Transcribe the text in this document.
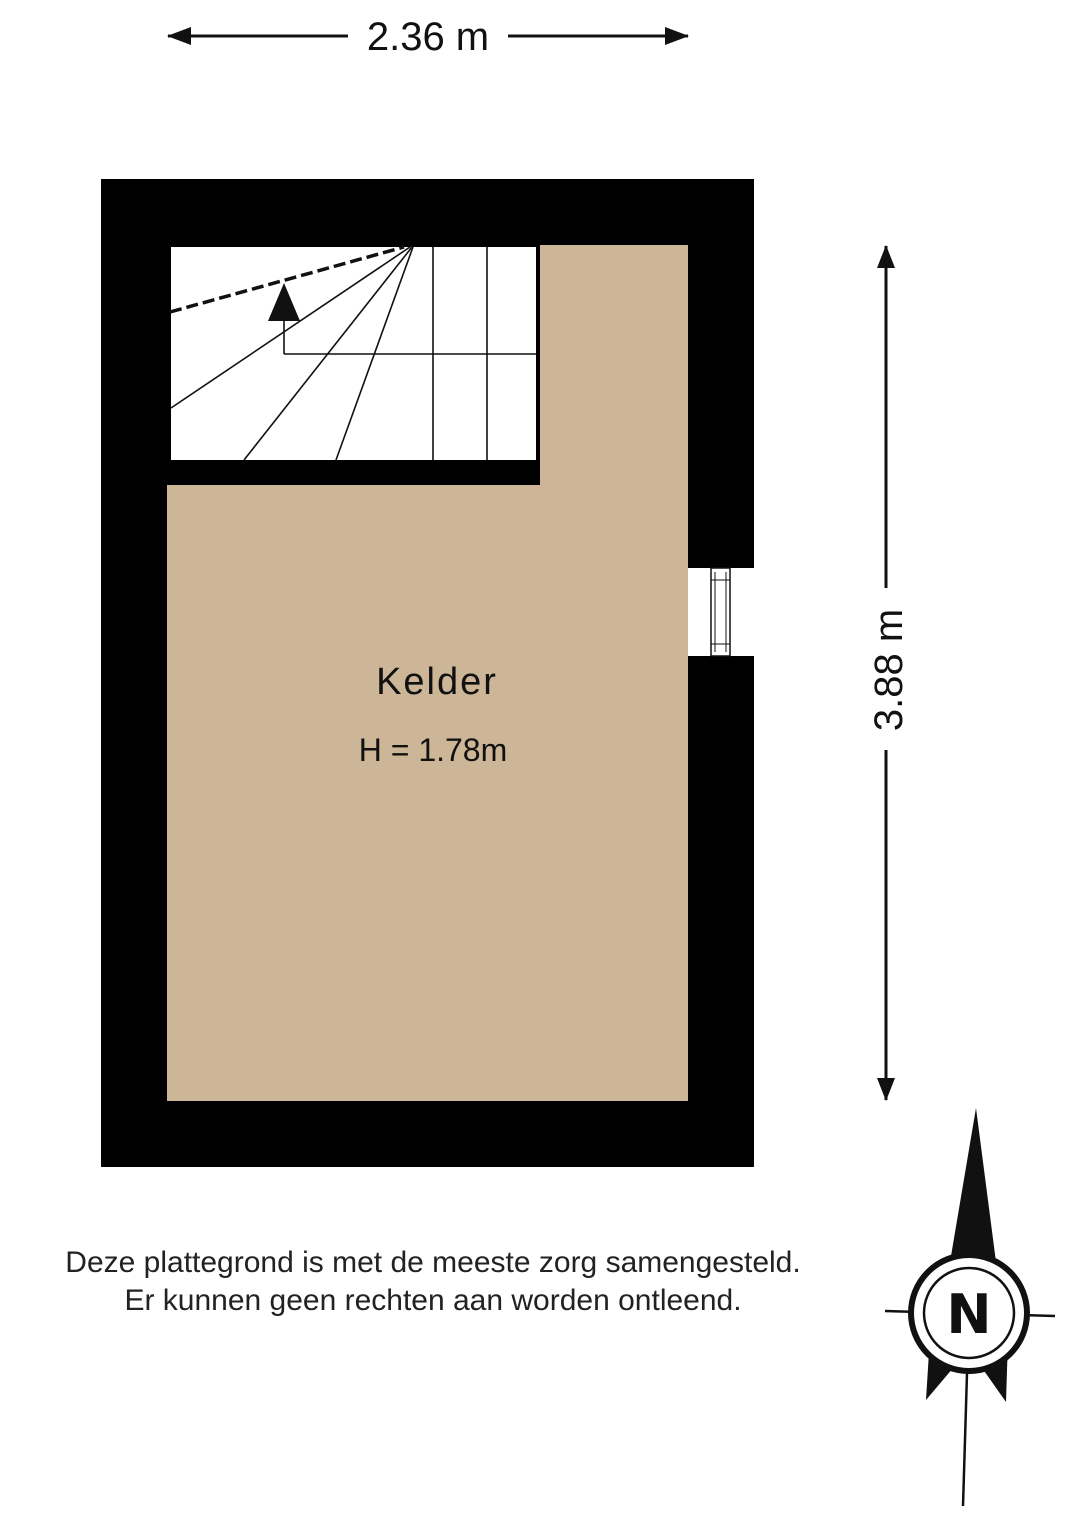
2.36 m
3.88 m
Kelder
H = 1.78m
N
Deze plattegrond is met de meeste zorg samengesteld.
Er kunnen geen rechten aan worden ontleend.
